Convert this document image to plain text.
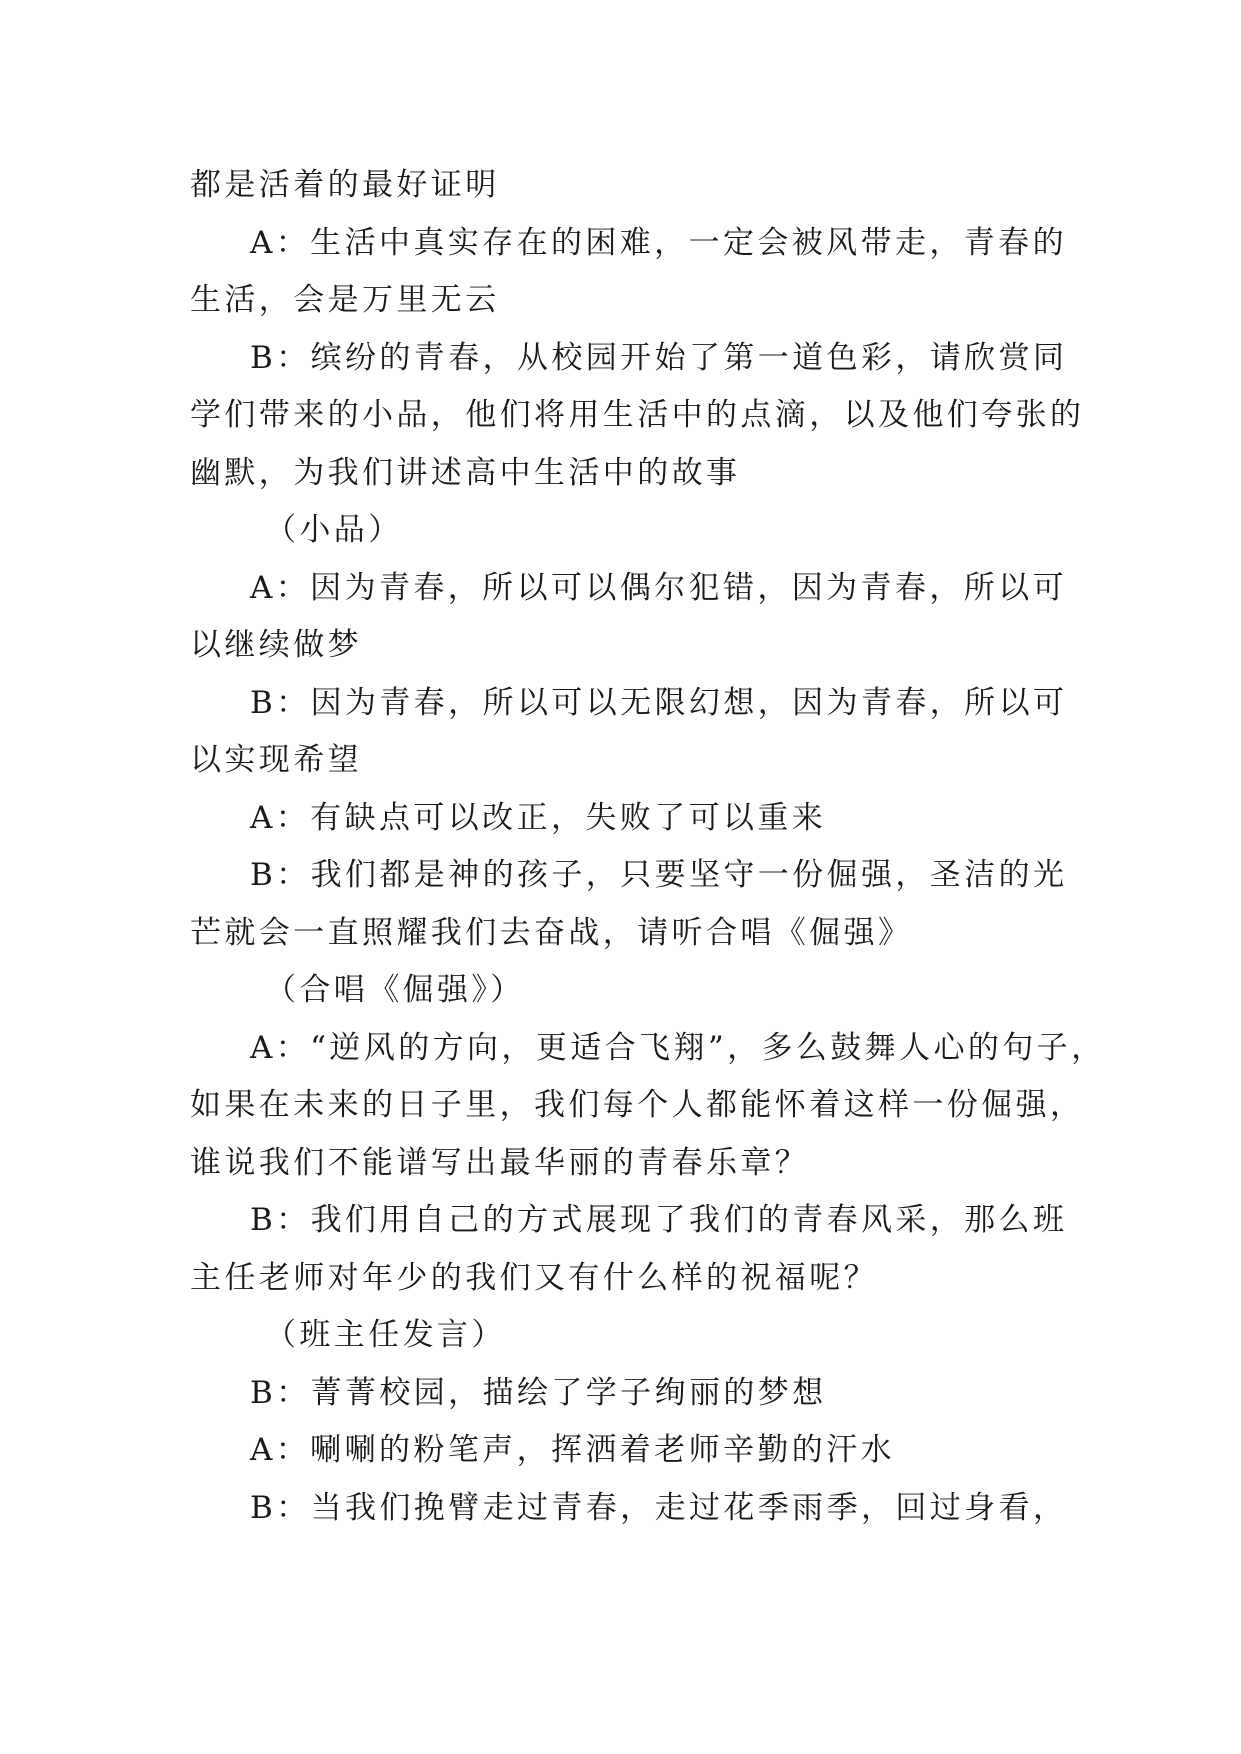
都是活着的最好证明
A：生活中真实存在的困难，一定会被风带走，青春的
生活，会是万里无云
B：缤纷的青春，从校园开始了第一道色彩，请欣赏同
学们带来的小品，他们将用生活中的点滴，以及他们夸张的
幽默，为我们讲述高中生活中的故事
（小品）
A：因为青春，所以可以偶尔犯错，因为青春，所以可
以继续做梦
B：因为青春，所以可以无限幻想，因为青春，所以可
以实现希望
A：有缺点可以改正，失败了可以重来
B：我们都是神的孩子，只要坚守一份倔强，圣洁的光
芒就会一直照耀我们去奋战，请听合唱《倔强》
（合唱《倔强》）
A：“逆风的方向，更适合飞翔”，多么鼓舞人心的句子，
如果在未来的日子里，我们每个人都能怀着这样一份倔强，
谁说我们不能谱写出最华丽的青春乐章？
B：我们用自己的方式展现了我们的青春风采，那么班
主任老师对年少的我们又有什么样的祝福呢？
（班主任发言）
B：菁菁校园，描绘了学子绚丽的梦想
A：唰唰的粉笔声，挥洒着老师辛勤的汗水
B：当我们挽臂走过青春，走过花季雨季，回过身看，
